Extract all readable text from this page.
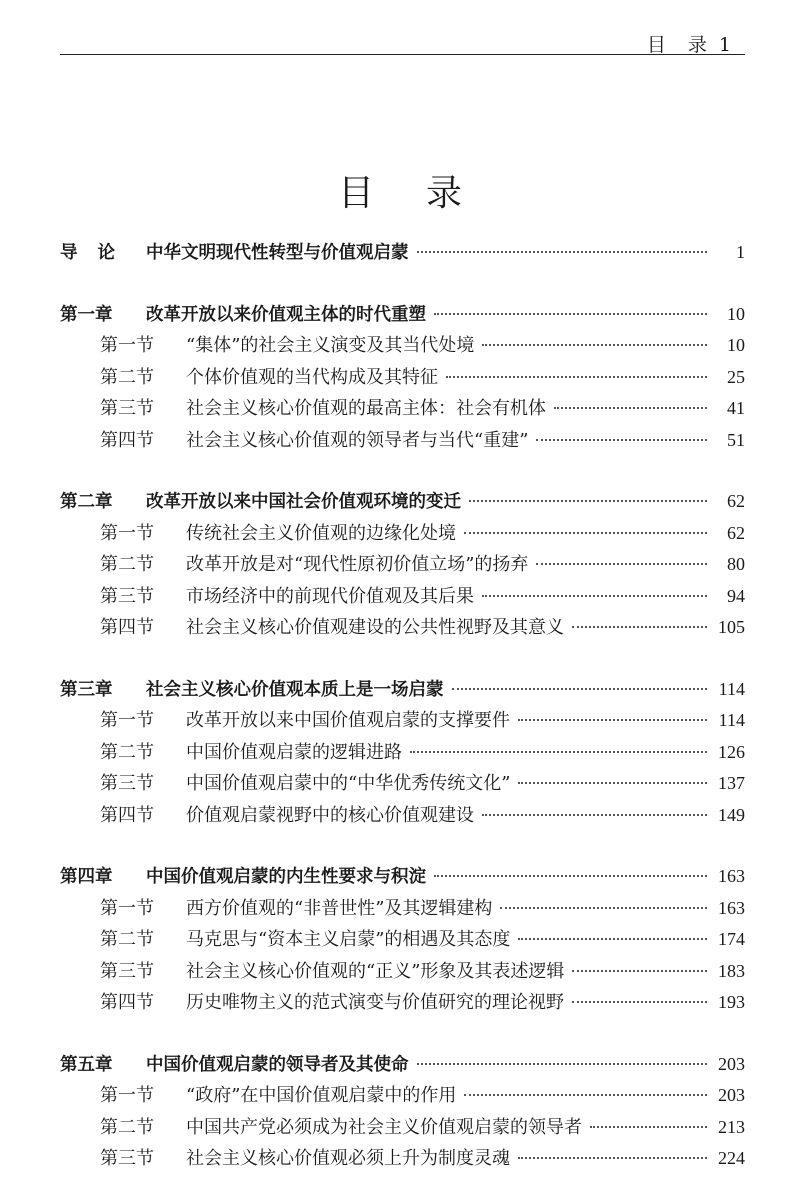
目 录 1
目录
导论 中华文明现代性转型与价值观启蒙	1
第一章	改革开放以来价值观主体的时代重塑	10
第一节	“集体”的社会主义演变及其当代处境	10
第二节	个体价值观的当代构成及其特征	25
第三节	社会主义核心价值观的最高主体：社会有机体	41
第四节	社会主义核心价值观的领导者与当代“重建”	51
第二章	改革开放以来中国社会价值观环境的变迁	62
第一节	传统社会主义价值观的边缘化处境	62
第二节	改革开放是对“现代性原初价值立场”的扬弃	80
第三节	市场经济中的前现代价值观及其后果	94
第四节	社会主义核心价值观建设的公共性视野及其意义	105
第三章	社会主义核心价值观本质上是一场启蒙	114
第一节	改革开放以来中国价值观启蒙的支撑要件	114
第二节	中国价值观启蒙的逻辑进路	126
第三节	中国价值观启蒙中的“中华优秀传统文化”	137
第四节	价值观启蒙视野中的核心价值观建设	149
第四章	中国价值观启蒙的内生性要求与积淀	163
第一节	西方价值观的“非普世性”及其逻辑建构	163
第二节	马克思与“资本主义启蒙”的相遇及其态度	174
第三节	社会主义核心价值观的“正义”形象及其表述逻辑	183
第四节	历史唯物主义的范式演变与价值研究的理论视野	193
第五章	中国价值观启蒙的领导者及其使命	203
第一节	“政府”在中国价值观启蒙中的作用	203
第二节	中国共产党必须成为社会主义价值观启蒙的领导者	213
第三节	社会主义核心价值观必须上升为制度灵魂	224
